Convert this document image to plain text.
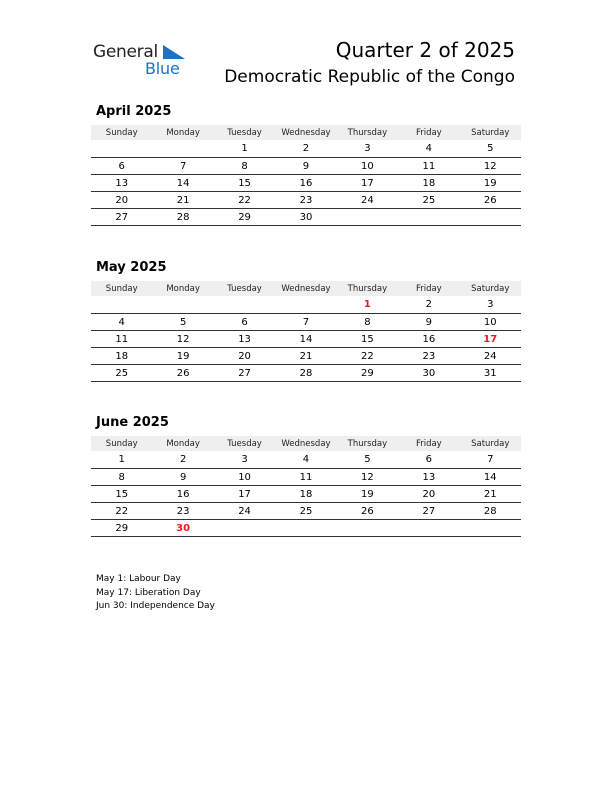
General
Blue
Quarter 2 of 2025
Democratic Republic of the Congo
April 2025
Sunday	Monday	Tuesday	Wednesday	Thursday	Friday	Saturday
		1	2	3	4	5
6	7	8	9	10	11	12
13	14	15	16	17	18	19
20	21	22	23	24	25	26
27	28	29	30			
May 2025
Sunday	Monday	Tuesday	Wednesday	Thursday	Friday	Saturday
				1	2	3
4	5	6	7	8	9	10
11	12	13	14	15	16	17
18	19	20	21	22	23	24
25	26	27	28	29	30	31
June 2025
Sunday	Monday	Tuesday	Wednesday	Thursday	Friday	Saturday
1	2	3	4	5	6	7
8	9	10	11	12	13	14
15	16	17	18	19	20	21
22	23	24	25	26	27	28
29	30					
May 1: Labour Day
May 17: Liberation Day
Jun 30: Independence Day
